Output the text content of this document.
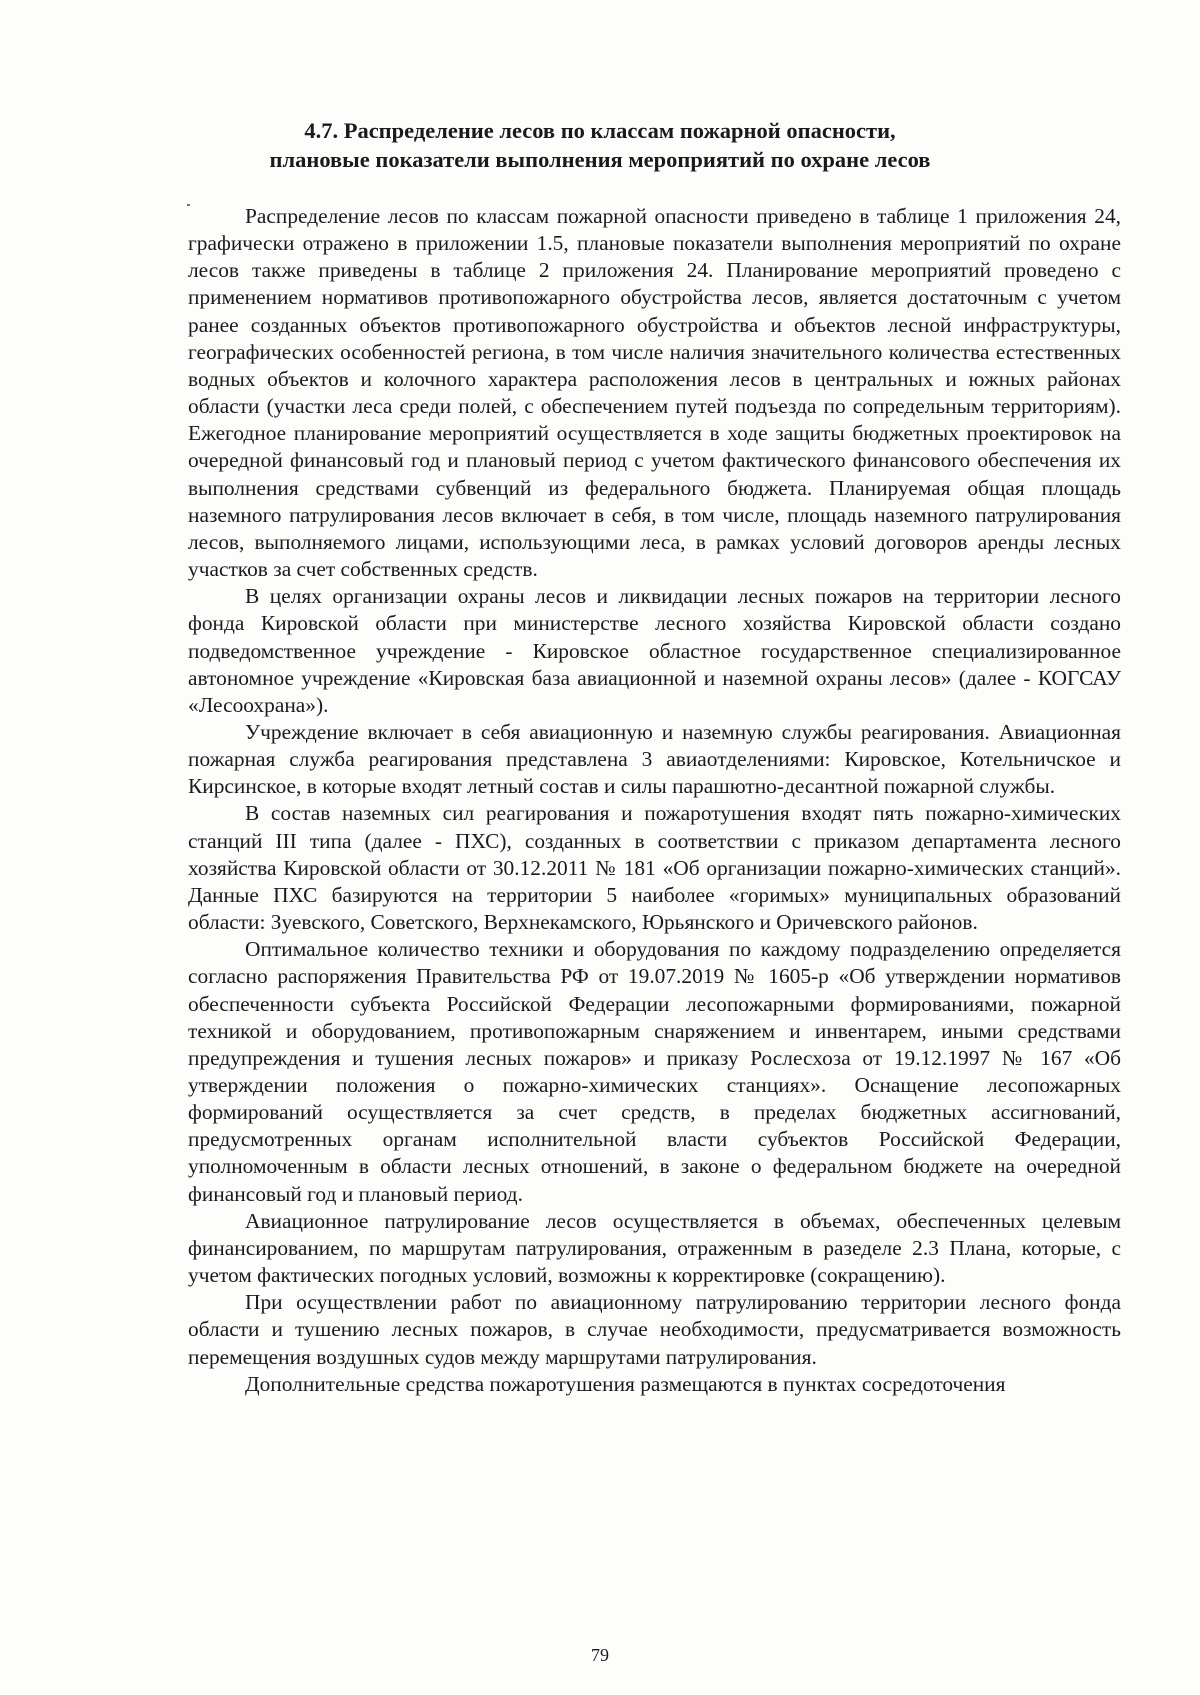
4.7. Распределение лесов по классам пожарной опасности,
плановые показатели выполнения мероприятий по охране лесов

Распределение лесов по классам пожарной опасности приведено в таблице 1 приложения 24, графически отражено в приложении 1.5, плановые показатели выполнения мероприятий по охране лесов также приведены в таблице 2 приложения 24. Планирование мероприятий проведено с применением нормативов противопожарного обустройства лесов, является достаточным с учетом ранее созданных объектов противопожарного обустройства и объектов лесной инфраструктуры, географических особенностей региона, в том числе наличия значительного количества естественных водных объектов и колочного характера расположения лесов в центральных и южных районах области (участки леса среди полей, с обеспечением путей подъезда по сопредельным территориям). Ежегодное планирование мероприятий осуществляется в ходе защиты бюджетных проектировок на очередной финансовый год и плановый период с учетом фактического финансового обеспечения их выполнения средствами субвенций из федерального бюджета. Планируемая общая площадь наземного патрулирования лесов включает в себя, в том числе, площадь наземного патрулирования лесов, выполняемого лицами, использующими леса, в рамках условий договоров аренды лесных участков за счет собственных средств.

В целях организации охраны лесов и ликвидации лесных пожаров на территории лесного фонда Кировской области при министерстве лесного хозяйства Кировской области создано подведомственное учреждение - Кировское областное государственное специализированное автономное учреждение «Кировская база авиационной и наземной охраны лесов» (далее - КОГСАУ «Лесоохрана»).

Учреждение включает в себя авиационную и наземную службы реагирования. Авиационная пожарная служба реагирования представлена 3 авиаотделениями: Кировское, Котельничское и Кирсинское, в которые входят летный состав и силы парашютно-десантной пожарной службы.

В состав наземных сил реагирования и пожаротушения входят пять пожарно-химических станций III типа (далее - ПХС), созданных в соответствии с приказом департамента лесного хозяйства Кировской области от 30.12.2011 № 181 «Об организации пожарно-химических станций». Данные ПХС базируются на территории 5 наиболее «горимых» муниципальных образований области: Зуевского, Советского, Верхнекамского, Юрьянского и Оричевского районов.

Оптимальное количество техники и оборудования по каждому подразделению определяется согласно распоряжения Правительства РФ от 19.07.2019 № 1605-р «Об утверждении нормативов обеспеченности субъекта Российской Федерации лесопожарными формированиями, пожарной техникой и оборудованием, противопожарным снаряжением и инвентарем, иными средствами предупреждения и тушения лесных пожаров» и приказу Рослесхоза от 19.12.1997 № 167 «Об утверждении положения о пожарно-химических станциях». Оснащение лесопожарных формирований осуществляется за счет средств, в пределах бюджетных ассигнований, предусмотренных органам исполнительной власти субъектов Российской Федерации, уполномоченным в области лесных отношений, в законе о федеральном бюджете на очередной финансовый год и плановый период.

Авиационное патрулирование лесов осуществляется в объемах, обеспеченных целевым финансированием, по маршрутам патрулирования, отраженным в разеделе 2.3 Плана, которые, с учетом фактических погодных условий, возможны к корректировке (сокращению).

При осуществлении работ по авиационному патрулированию территории лесного фонда области и тушению лесных пожаров, в случае необходимости, предусматривается возможность перемещения воздушных судов между маршрутами патрулирования.

Дополнительные средства пожаротушения размещаются в пунктах сосредоточения

79
